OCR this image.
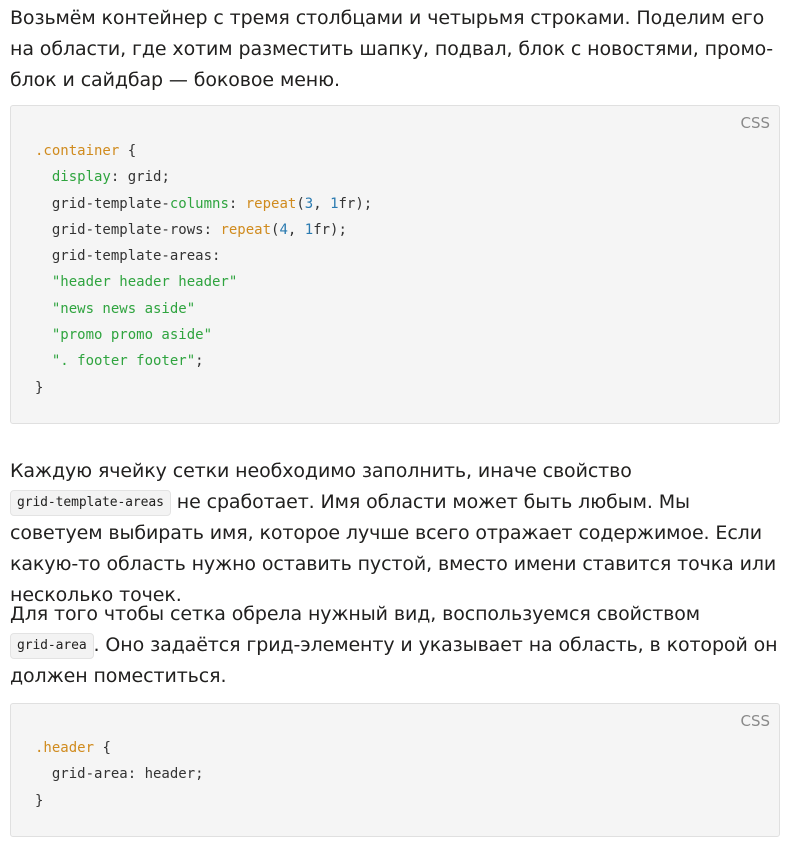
Возьмём контейнер с тремя столбцами и четырьмя строками. Поделим его на области, где хотим разместить шапку, подвал, блок с новостями, промо-блок и сайдбар — боковое меню.

CSS
.container {
display: grid;
grid-template-columns: repeat(3, 1fr);
grid-template-rows: repeat(4, 1fr);
grid-template-areas:
"header header header"
"news news aside"
"promo promo aside"
". footer footer";
}

Каждую ячейку сетки необходимо заполнить, иначе свойство grid-template-areas не сработает. Имя области может быть любым. Мы советуем выбирать имя, которое лучше всего отражает содержимое. Если какую-то область нужно оставить пустой, вместо имени ставится точка или несколько точек.

Для того чтобы сетка обрела нужный вид, воспользуемся свойством grid-area . Оно задаётся грид-элементу и указывает на область, в которой он должен поместиться.

CSS
.header {
grid-area: header;
}
